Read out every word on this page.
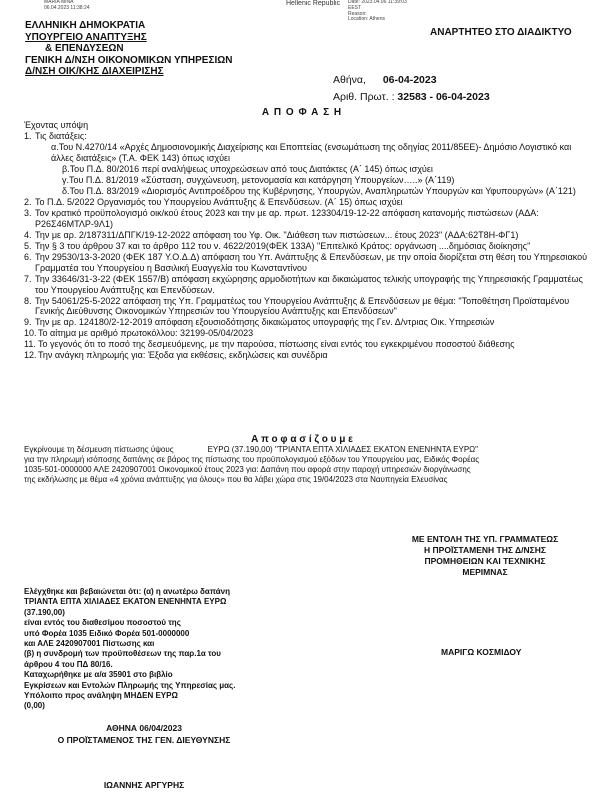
MARIA MINA
06.04.2023 11:38:24
Hellenic Republic Date: 2023.04.06 11:39:03
EEST
Reason:
Location: Athens
ΕΛΛΗΝΙΚΗ ΔΗΜΟΚΡΑΤΙΑ
ΥΠΟΥΡΓΕΙΟ ΑΝΑΠΤΥΞΗΣ
& ΕΠΕΝΔΥΣΕΩΝ
ΓΕΝΙΚΗ Δ/ΝΣΗ ΟΙΚΟΝΟΜΙΚΩΝ ΥΠΗΡΕΣΙΩΝ
Δ/ΝΣΗ ΟΙΚ/ΚΗΣ ΔΙΑΧΕΙΡΙΣΗΣ
ΑΝΑΡΤΗΤΕΟ ΣΤΟ ΔΙΑΔΙΚΤΥΟ
Αθήνα, 06-04-2023
Αριθ. Πρωτ. : 32583 - 06-04-2023
Α Π Ο Φ Α Σ Η
Έχοντας υπόψη
1. Τις διατάξεις:
α.Του Ν.4270/14 «Αρχές Δημοσιονομικής Διαχείρισης και Εποπτείας (ενσωμάτωση της οδηγίας 2011/85ΕΕ)- Δημόσιο Λογιστικό και άλλες διατάξεις» (Τ.Α. ΦΕΚ 143) όπως ισχύει
β.Του Π.Δ. 80/2016 περί αναλήψεως υποχρεώσεων από τους Διατάκτες (Α΄ 145) όπως ισχύει
γ.Του Π.Δ. 81/2019 «Σύσταση, συγχώνευση, μετονομασία και κατάργηση Υπουργείων…..» (Α΄119)
δ.Του Π.Δ. 83/2019 «Διορισμός Αντιπροέδρου της Κυβέρνησης, Υπουργών, Αναπληρωτών Υπουργών και Υφυπουργών» (Α΄121)
2. Το Π.Δ. 5/2022 Οργανισμός του Υπουργείου Ανάπτυξης & Επενδύσεων. (Α΄ 15) όπως ισχύει
3. Τον κρατικό προϋπολογισμό οικ/κού έτους 2023 και την με αρ. πρωτ. 123304/19-12-22 απόφαση κατανομής πιστώσεων (ΑΔΑ: Ρ26Σ46ΜΤΛΡ-9Λ1)
4. Την με αρ. 2/187311/ΔΠΓΚ/19-12-2022 απόφαση του Υφ. Οικ. "Διάθεση των πιστώσεων... έτους 2023" (ΑΔΑ:62Τ8Η-ΦΓ1)
5. Την § 3 του άρθρου 37 και το άρθρο 112 του ν. 4622/2019(ΦΕΚ 133Α) "Επιτελικό Κράτος: οργάνωση ....δημόσιας διοίκησης"
6. Την 29530/13-3-2020 (ΦΕΚ 187 Υ.Ο.Δ.Δ) απόφαση του Υπ. Ανάπτυξης & Επενδύσεων, με την οποία διορίζεται στη θέση του Υπηρεσιακού Γραμματέα του Υπουργείου η Βασιλική Ευαγγελία του Κωνσταντίνου
7. Την 33646/31-3-22 (ΦΕΚ 1557/Β) απόφαση εκχώρησης αρμοδιοτήτων και δικαιώματος τελικής υπογραφής της Υπηρεσιακής Γραμματέως του Υπουργείου Ανάπτυξης και Επενδύσεων.
8. Την 54061/25-5-2022 απόφαση της Υπ. Γραμματέως του Υπουργείου Ανάπτυξης & Επενδύσεων με θέμα: "Τοποθέτηση Προϊσταμένου Γενικής Διεύθυνσης Οικονομικών Υπηρεσιών του Υπουργείου Ανάπτυξης και Επενδύσεων"
9. Την με αρ. 124180/2-12-2019 απόφαση εξουσιοδότησης δικαιώματος υπογραφής της Γεν. Δ/ντριας Οικ. Υπηρεσιών
10. Το αίτημα με αριθμό πρωτοκόλλου: 32199-05/04/2023
11. Το γεγονός ότι το ποσό της δεσμευόμενης, με την παρούσα, πίστωσης είναι εντός του εγκεκριμένου ποσοστού διάθεσης
12. Την ανάγκη πληρωμής για: Έξοδα για εκθέσεις, εκδηλώσεις και συνέδρια
Α π ο φ α σ ί ζ ο υ μ ε
Εγκρίνουμε τη δέσμευση πίστωσης ύψους	ΕΥΡΩ (37.190,00) "ΤΡΙΑΝΤΑ ΕΠΤΑ ΧΙΛΙΑΔΕΣ ΕΚΑΤΟΝ ΕΝΕΝΗΝΤΑ ΕΥΡΩ"
για την πληρωμή ισόποσης δαπάνης σε βάρος της πίστωσης του προϋπολογισμού εξόδων του Υπουργείου μας, Ειδικός Φορέας
1035-501-0000000 ΑΛΕ 2420907001 Οικονομικού έτους 2023 για: Δαπάνη που αφορά στην παροχή υπηρεσιών διοργάνωσης
της εκδήλωσης με θέμα «4 χρόνια ανάπτυξης για όλους» που θα λάβει χώρα στις 19/04/2023 στα Ναυπηγεία Ελευσίνας
ΜΕ ΕΝΤΟΛΗ ΤΗΣ ΥΠ. ΓΡΑΜΜΑΤΕΩΣ
Η ΠΡΟΪΣΤΑΜΕΝΗ ΤΗΣ Δ/ΝΣΗΣ
ΠΡΟΜΗΘΕΙΩΝ ΚΑΙ ΤΕΧΝΙΚΗΣ
ΜΕΡΙΜΝΑΣ
Ελέγχθηκε και βεβαιώνεται ότι: (α) η ανωτέρω δαπάνη
ΤΡΙΑΝΤΑ ΕΠΤΑ ΧΙΛΙΑΔΕΣ ΕΚΑΤΟΝ ΕΝΕΝΗΝΤΑ ΕΥΡΩ
(37.190,00)
είναι εντός του διαθεσίμου ποσοστού της
υπό Φορέα 1035 Ειδικό Φορέα 501-0000000
και ΑΛΕ 2420907001 Πίστωσης και
(β) η συνδρομή των προϋποθέσεων της παρ.1α του
άρθρου 4 του ΠΔ 80/16.
Καταχωρήθηκε με α/α 35901 στο βιβλίο
Εγκρίσεων και Εντολών Πληρωμής της Υπηρεσίας μας.
Υπόλοιπο προς ανάληψη ΜΗΔΕΝ ΕΥΡΩ
(0,00)
ΜΑΡΙΓΩ ΚΟΣΜΙΔΟΥ
ΑΘΗΝΑ 06/04/2023
Ο ΠΡΟΪΣΤΑΜΕΝΟΣ ΤΗΣ ΓΕΝ. ΔΙΕΥΘΥΝΣΗΣ
ΙΩΑΝΝΗΣ ΑΡΓΥΡΗΣ
